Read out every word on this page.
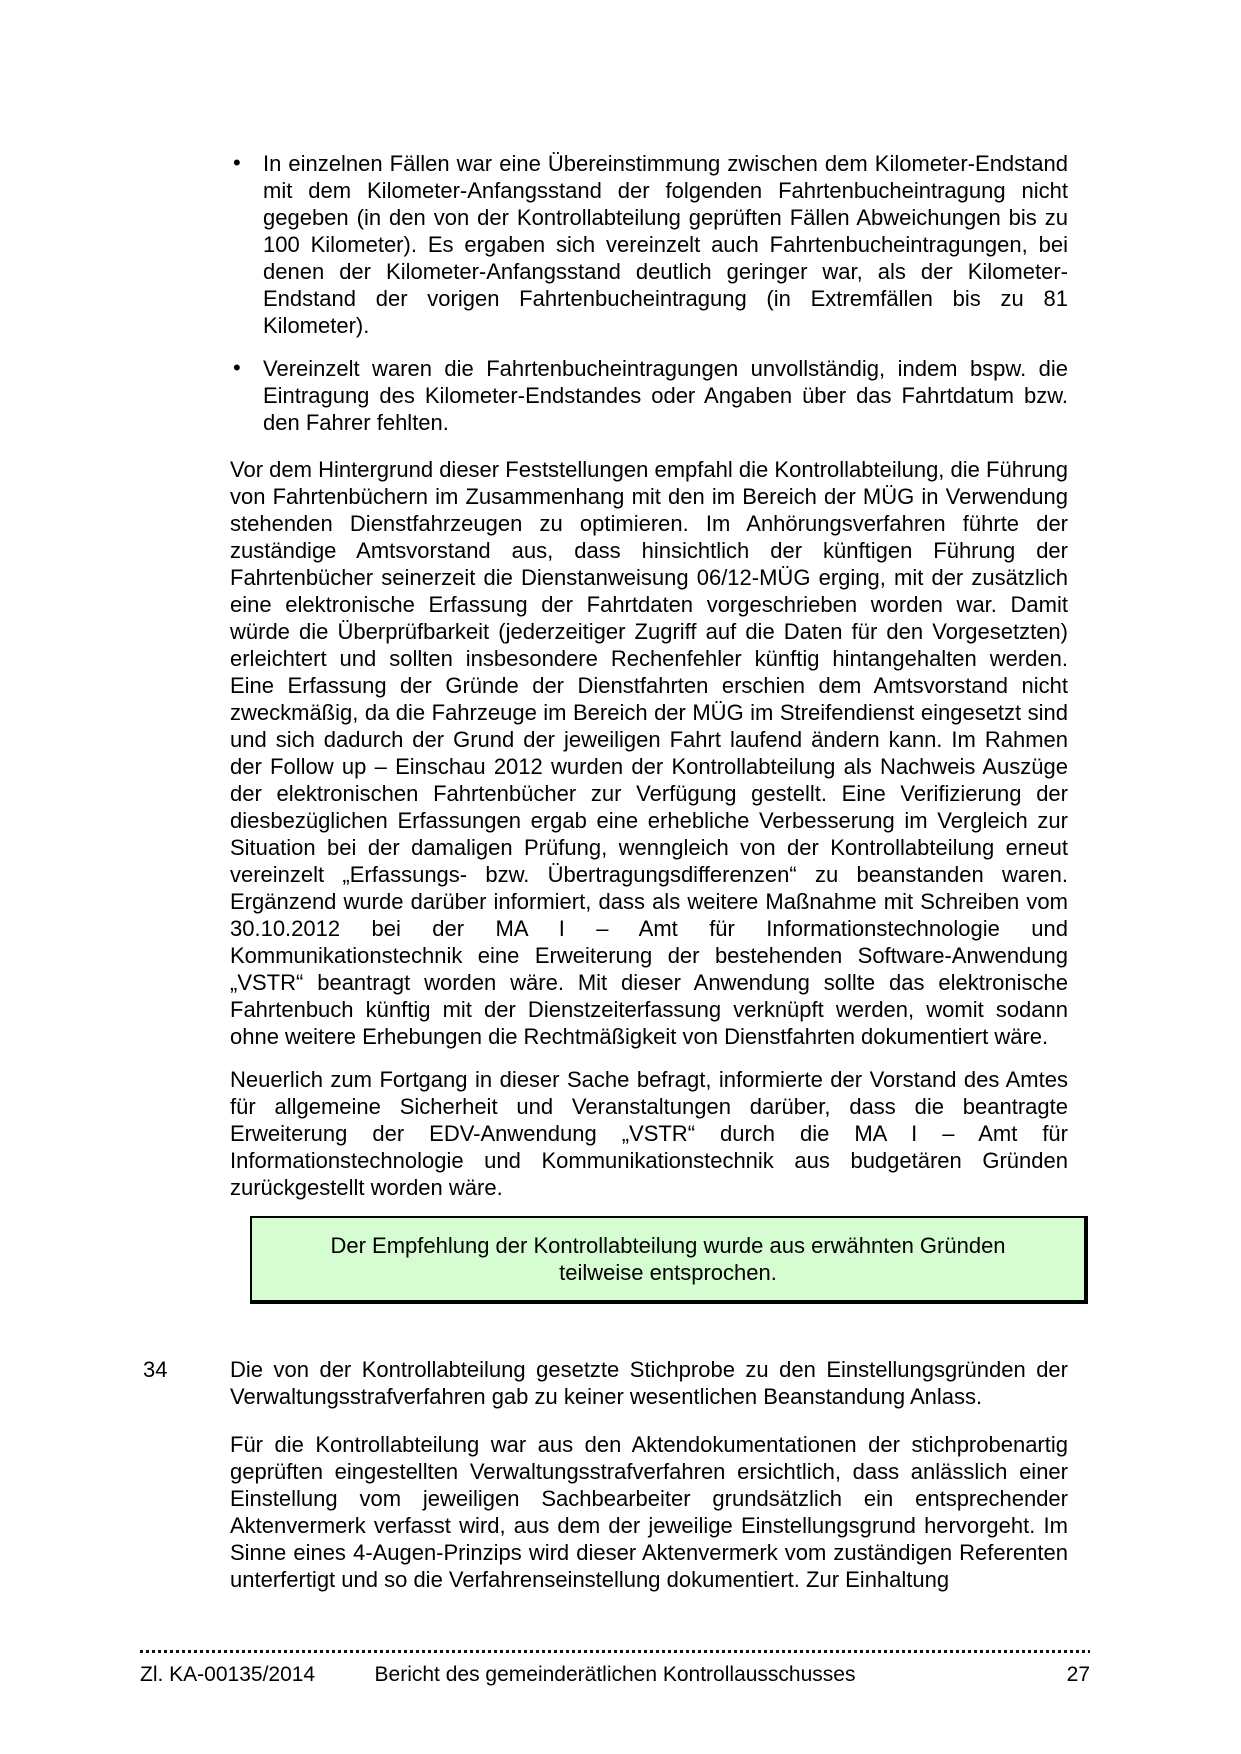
• In einzelnen Fällen war eine Übereinstimmung zwischen dem Kilometer-Endstand mit dem Kilometer-Anfangsstand der folgenden Fahrtenbucheintragung nicht gegeben (in den von der Kontrollabteilung geprüften Fällen Abweichungen bis zu 100 Kilometer). Es ergaben sich vereinzelt auch Fahrtenbucheintragungen, bei denen der Kilometer-Anfangsstand deutlich geringer war, als der Kilometer-Endstand der vorigen Fahrtenbucheintragung (in Extremfällen bis zu 81 Kilometer).

• Vereinzelt waren die Fahrtenbucheintragungen unvollständig, indem bspw. die Eintragung des Kilometer-Endstandes oder Angaben über das Fahrtdatum bzw. den Fahrer fehlten.

Vor dem Hintergrund dieser Feststellungen empfahl die Kontrollabteilung, die Führung von Fahrtenbüchern im Zusammenhang mit den im Bereich der MÜG in Verwendung stehenden Dienstfahrzeugen zu optimieren. Im Anhörungsverfahren führte der zuständige Amtsvorstand aus, dass hinsichtlich der künftigen Führung der Fahrtenbücher seinerzeit die Dienstanweisung 06/12-MÜG erging, mit der zusätzlich eine elektronische Erfassung der Fahrtdaten vorgeschrieben worden war. Damit würde die Überprüfbarkeit (jederzeitiger Zugriff auf die Daten für den Vorgesetzten) erleichtert und sollten insbesondere Rechenfehler künftig hintangehalten werden. Eine Erfassung der Gründe der Dienstfahrten erschien dem Amtsvorstand nicht zweckmäßig, da die Fahrzeuge im Bereich der MÜG im Streifendienst eingesetzt sind und sich dadurch der Grund der jeweiligen Fahrt laufend ändern kann. Im Rahmen der Follow up – Einschau 2012 wurden der Kontrollabteilung als Nachweis Auszüge der elektronischen Fahrtenbücher zur Verfügung gestellt. Eine Verifizierung der diesbezüglichen Erfassungen ergab eine erhebliche Verbesserung im Vergleich zur Situation bei der damaligen Prüfung, wenngleich von der Kontrollabteilung erneut vereinzelt „Erfassungs- bzw. Übertragungsdifferenzen“ zu beanstanden waren. Ergänzend wurde darüber informiert, dass als weitere Maßnahme mit Schreiben vom 30.10.2012 bei der MA I – Amt für Informationstechnologie und Kommunikationstechnik eine Erweiterung der bestehenden Software-Anwendung „VSTR“ beantragt worden wäre. Mit dieser Anwendung sollte das elektronische Fahrtenbuch künftig mit der Dienstzeiterfassung verknüpft werden, womit sodann ohne weitere Erhebungen die Rechtmäßigkeit von Dienstfahrten dokumentiert wäre.

Neuerlich zum Fortgang in dieser Sache befragt, informierte der Vorstand des Amtes für allgemeine Sicherheit und Veranstaltungen darüber, dass die beantragte Erweiterung der EDV-Anwendung „VSTR“ durch die MA I – Amt für Informationstechnologie und Kommunikationstechnik aus budgetären Gründen zurückgestellt worden wäre.

Der Empfehlung der Kontrollabteilung wurde aus erwähnten Gründen teilweise entsprochen.
34	Die von der Kontrollabteilung gesetzte Stichprobe zu den Einstellungsgründen der Verwaltungsstrafverfahren gab zu keiner wesentlichen Beanstandung Anlass.

Für die Kontrollabteilung war aus den Aktendokumentationen der stichprobenartig geprüften eingestellten Verwaltungsstrafverfahren ersichtlich, dass anlässlich einer Einstellung vom jeweiligen Sachbearbeiter grundsätzlich ein entsprechender Aktenvermerk verfasst wird, aus dem der jeweilige Einstellungsgrund hervorgeht. Im Sinne eines 4-Augen-Prinzips wird dieser Aktenvermerk vom zuständigen Referenten unterfertigt und so die Verfahrenseinstellung dokumentiert. Zur Einhaltung

Zl. KA-00135/2014	Bericht des gemeinderätlichen Kontrollausschusses	27
